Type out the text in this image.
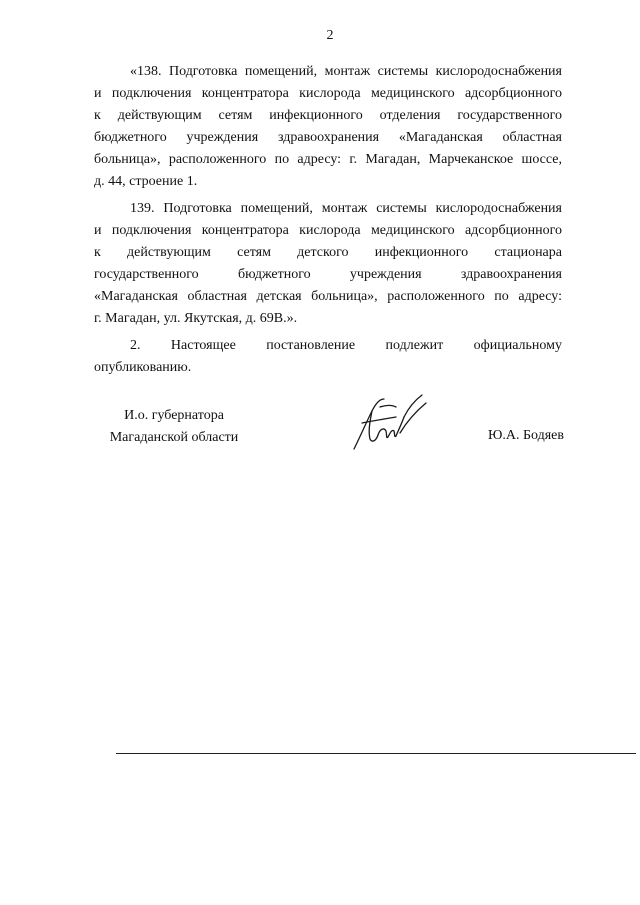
2

«138. Подготовка помещений, монтаж системы кислородоснабжения
и подключения концентратора кислорода медицинского адсорбционного
к действующим сетям инфекционного отделения государственного
бюджетного учреждения здравоохранения «Магаданская областная
больница», расположенного по адресу: г. Магадан, Марчеканское шоссе,
д. 44, строение 1.

139. Подготовка помещений, монтаж системы кислородоснабжения
и подключения концентратора кислорода медицинского адсорбционного
к действующим сетям детского инфекционного стационара
государственного бюджетного учреждения здравоохранения
«Магаданская областная детская больница», расположенного по адресу:
г. Магадан, ул. Якутская, д. 69В.».

2. Настоящее постановление подлежит официальному
опубликованию.

И.о. губернатора
Магаданской области	Ю.А. Бодяев
